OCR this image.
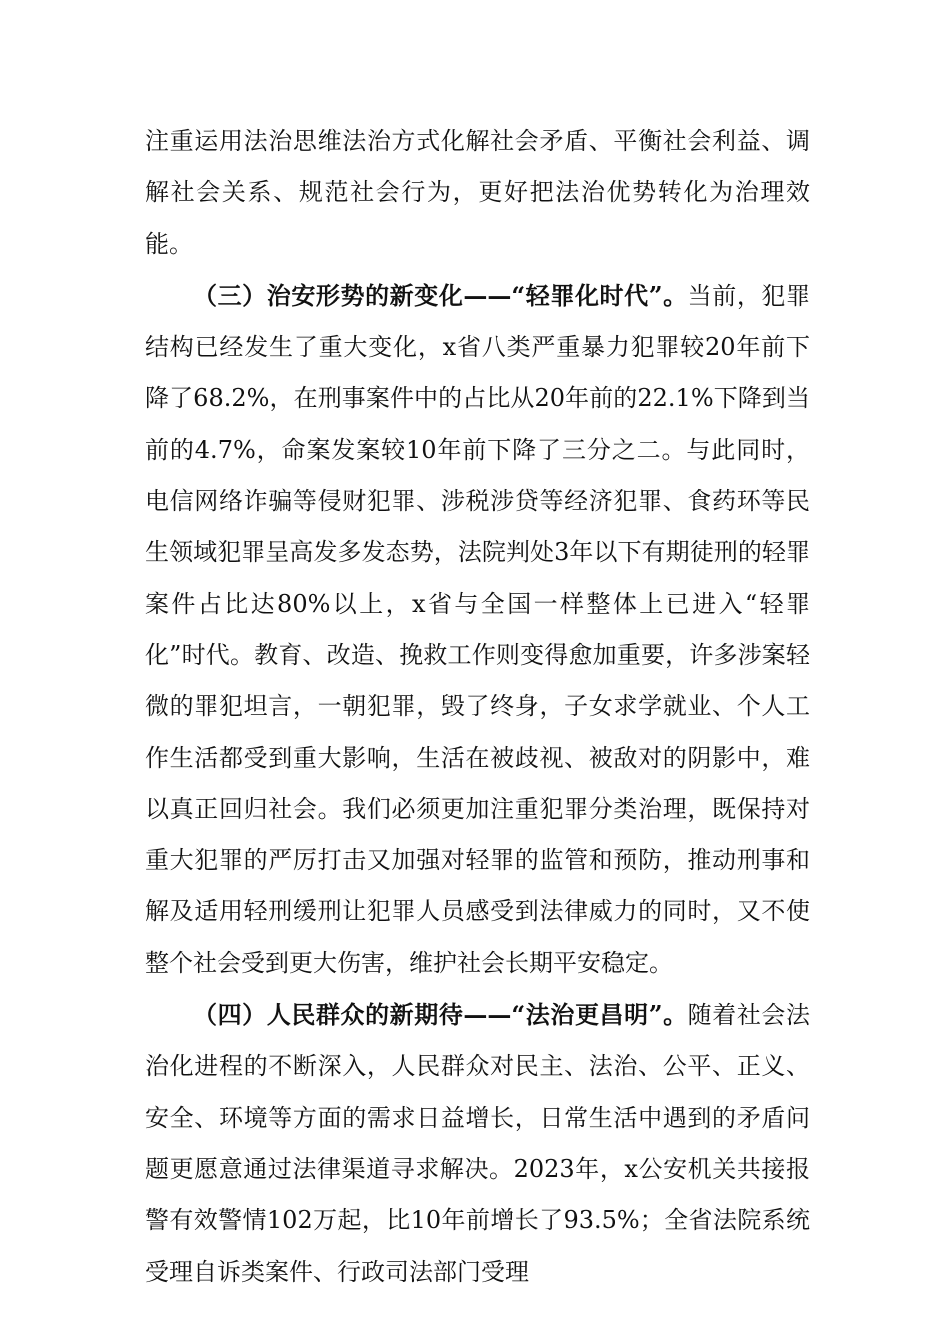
注重运用法治思维法治方式化解社会矛盾、平衡社会利益、调解社会关系、规范社会行为，更好把法治优势转化为治理效能。

（三）治安形势的新变化——“轻罪化时代”。当前，犯罪结构已经发生了重大变化，x省八类严重暴力犯罪较20年前下降了68.2%，在刑事案件中的占比从20年前的22.1%下降到当前的4.7%，命案发案较10年前下降了三分之二。与此同时，电信网络诈骗等侵财犯罪、涉税涉贷等经济犯罪、食药环等民生领域犯罪呈高发多发态势，法院判处3年以下有期徒刑的轻罪案件占比达80%以上，x省与全国一样整体上已进入“轻罪化”时代。教育、改造、挽救工作则变得愈加重要，许多涉案轻微的罪犯坦言，一朝犯罪，毁了终身，子女求学就业、个人工作生活都受到重大影响，生活在被歧视、被敌对的阴影中，难以真正回归社会。我们必须更加注重犯罪分类治理，既保持对重大犯罪的严厉打击又加强对轻罪的监管和预防，推动刑事和解及适用轻刑缓刑让犯罪人员感受到法律威力的同时，又不使整个社会受到更大伤害，维护社会长期平安稳定。

（四）人民群众的新期待——“法治更昌明”。随着社会法治化进程的不断深入，人民群众对民主、法治、公平、正义、安全、环境等方面的需求日益增长，日常生活中遇到的矛盾问题更愿意通过法律渠道寻求解决。2023年，x公安机关共接报警有效警情102万起，比10年前增长了93.5%；全省法院系统受理自诉类案件、行政司法部门受理
